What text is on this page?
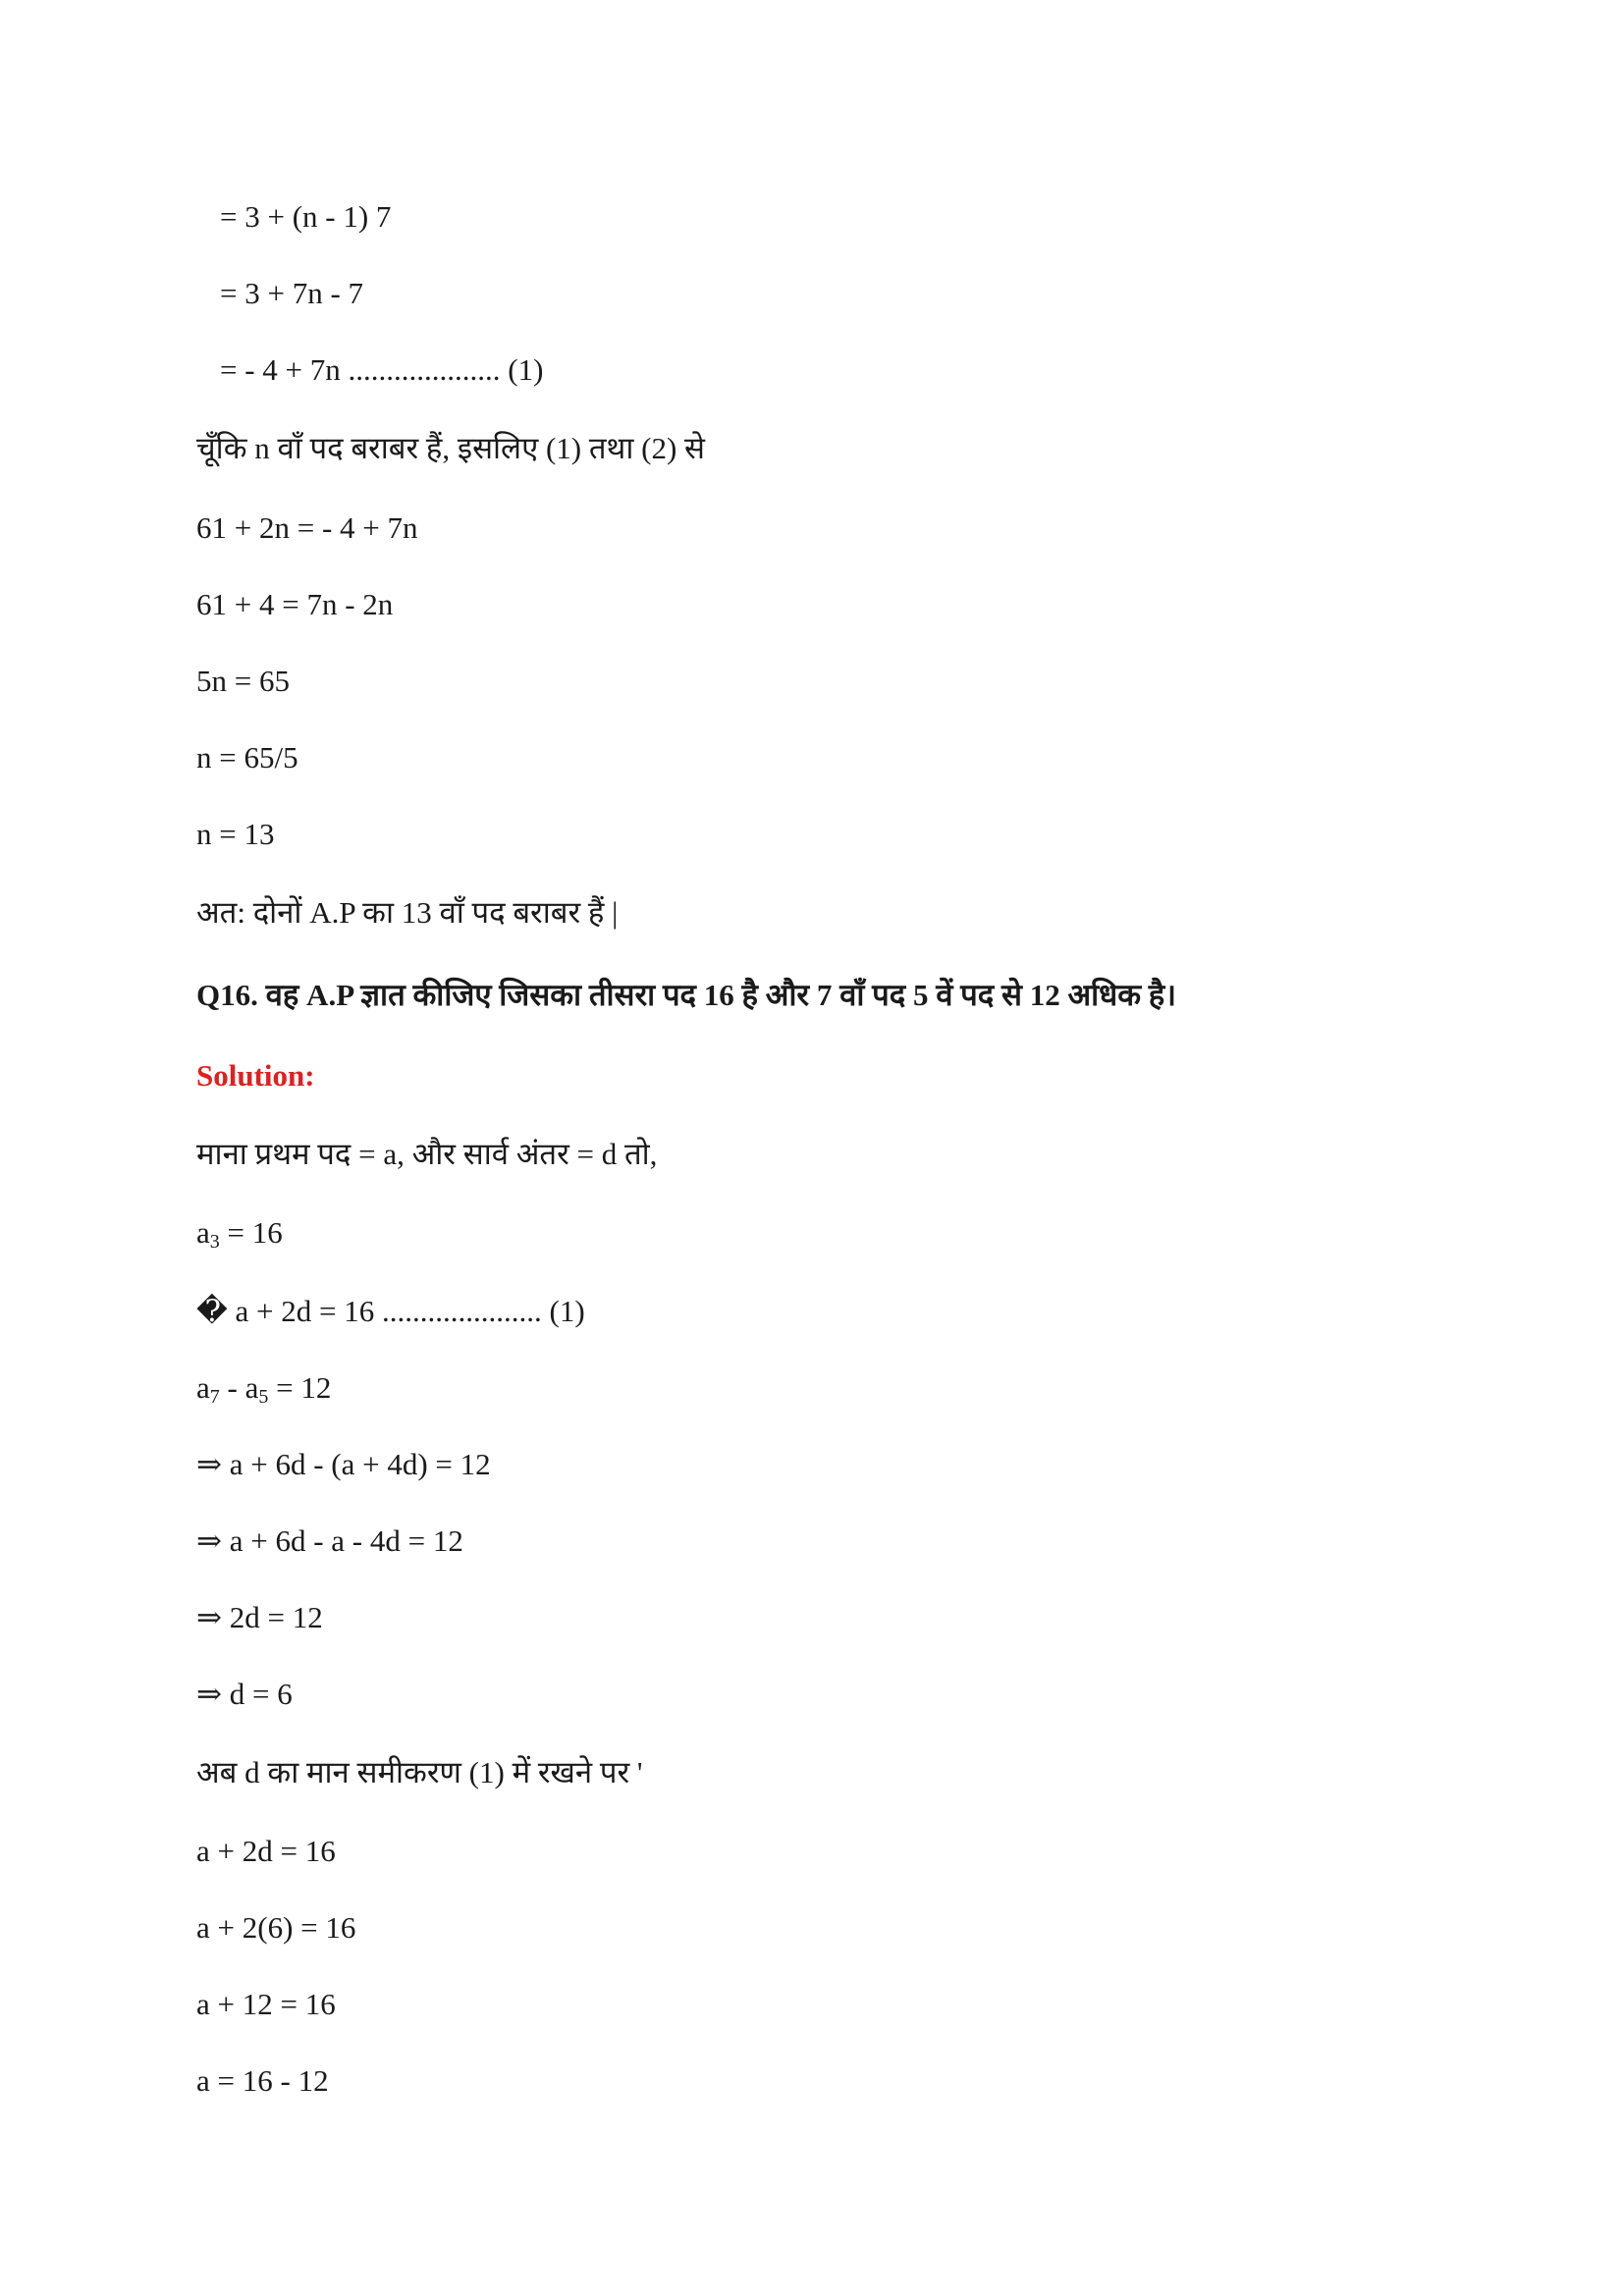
= 3 + (n - 1) 7
= 3 + 7n - 7
= - 4 + 7n .................... (1)
चूँकि n वाँ पद बराबर हैं, इसलिए (1) तथा (2) से
61 + 2n = - 4 + 7n
61 + 4 = 7n - 2n
5n = 65
n = 65/5
n = 13
अत: दोनों A.P का 13 वाँ पद बराबर हैं |
Q16. वह A.P ज्ञात कीजिए जिसका तीसरा पद 16 है और 7 वाँ पद 5 वें पद से 12 अधिक है।
Solution:
माना प्रथम पद = a, और सार्व अंतर = d तो,
$a_3 = 16$
� a + 2d = 16 ..................... (1)
$a_7 - a_5 = 12$
⇒ a + 6d - (a + 4d) = 12
⇒ a + 6d - a - 4d = 12
⇒ 2d = 12
⇒ d = 6
अब d का मान समीकरण (1) में रखने पर '
a + 2d = 16
a + 2(6) = 16
a + 12 = 16
a = 16 - 12
